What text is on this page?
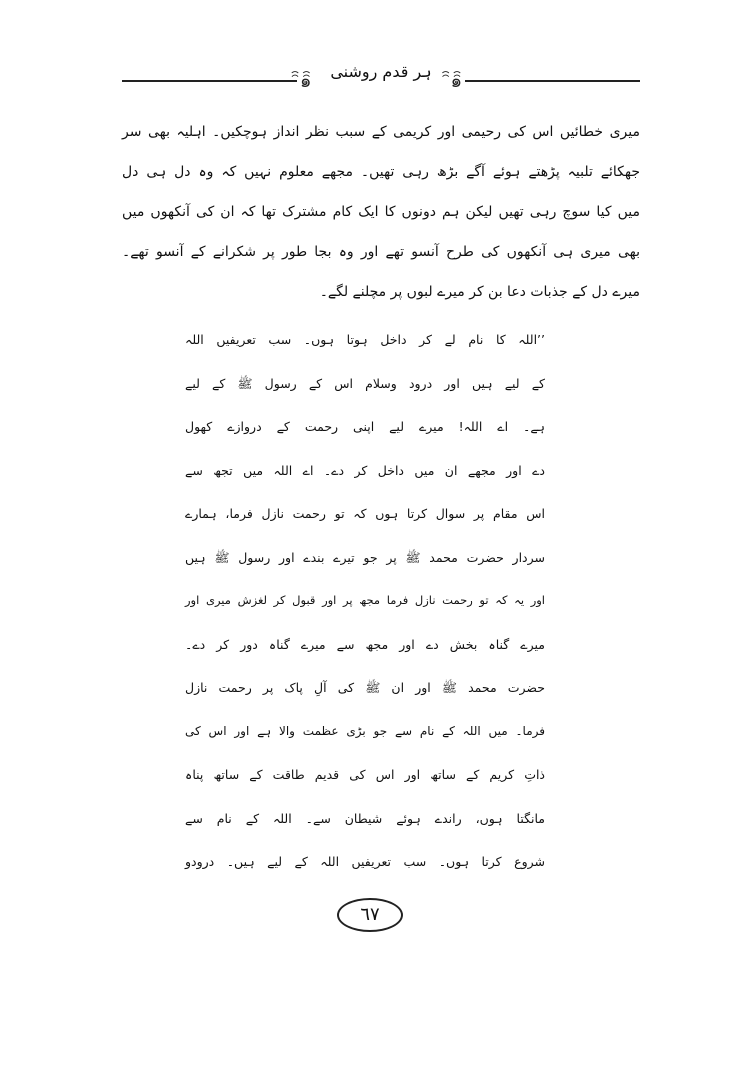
ꩰ๑ꩰ	ꩰ๑ꩰ
ہر قدم روشنی
میری خطائیں اس کی رحیمی اور کریمی کے سبب نظر انداز ہوچکیں۔ اہلیہ بھی سر
جھکائے تلبیہ پڑھتے ہوئے آگے بڑھ رہی تھیں۔ مجھے معلوم نہیں کہ وہ دل ہی دل
میں کیا سوچ رہی تھیں لیکن ہم دونوں کا ایک کام مشترک تھا کہ ان کی آنکھوں میں
بھی میری ہی آنکھوں کی طرح آنسو تھے اور وہ بجا طور پر شکرانے کے آنسو تھے۔
میرے دل کے جذبات دعا بن کر میرے لبوں پر مچلنے لگے۔
’’اللہ کا نام لے کر داخل ہوتا ہوں۔ سب تعریفیں اللہ
کے لیے ہیں اور درود وسلام اس کے رسول ﷺ کے لیے
ہے۔ اے اللہ! میرے لیے اپنی رحمت کے دروازے کھول
دے اور مجھے ان میں داخل کر دے۔ اے اللہ میں تجھ سے
اس مقام پر سوال کرتا ہوں کہ تو رحمت نازل فرما، ہمارے
سردار حضرت محمد ﷺ پر جو تیرے بندے اور رسول ﷺ ہیں
اور یہ کہ تو رحمت نازل فرما مجھ پر اور قبول کر لغزش میری اور
میرے گناہ بخش دے اور مجھ سے میرے گناہ دور کر دے۔
حضرت محمد ﷺ اور ان ﷺ کی آلِ پاک پر رحمت نازل
فرما۔ میں اللہ کے نام سے جو بڑی عظمت والا ہے اور اس کی
ذاتِ کریم کے ساتھ اور اس کی قدیم طاقت کے ساتھ پناہ
مانگتا ہوں، راندے ہوئے شیطان سے۔ اللہ کے نام سے
شروع کرتا ہوں۔ سب تعریفیں اللہ کے لیے ہیں۔ درودو
٦٧
